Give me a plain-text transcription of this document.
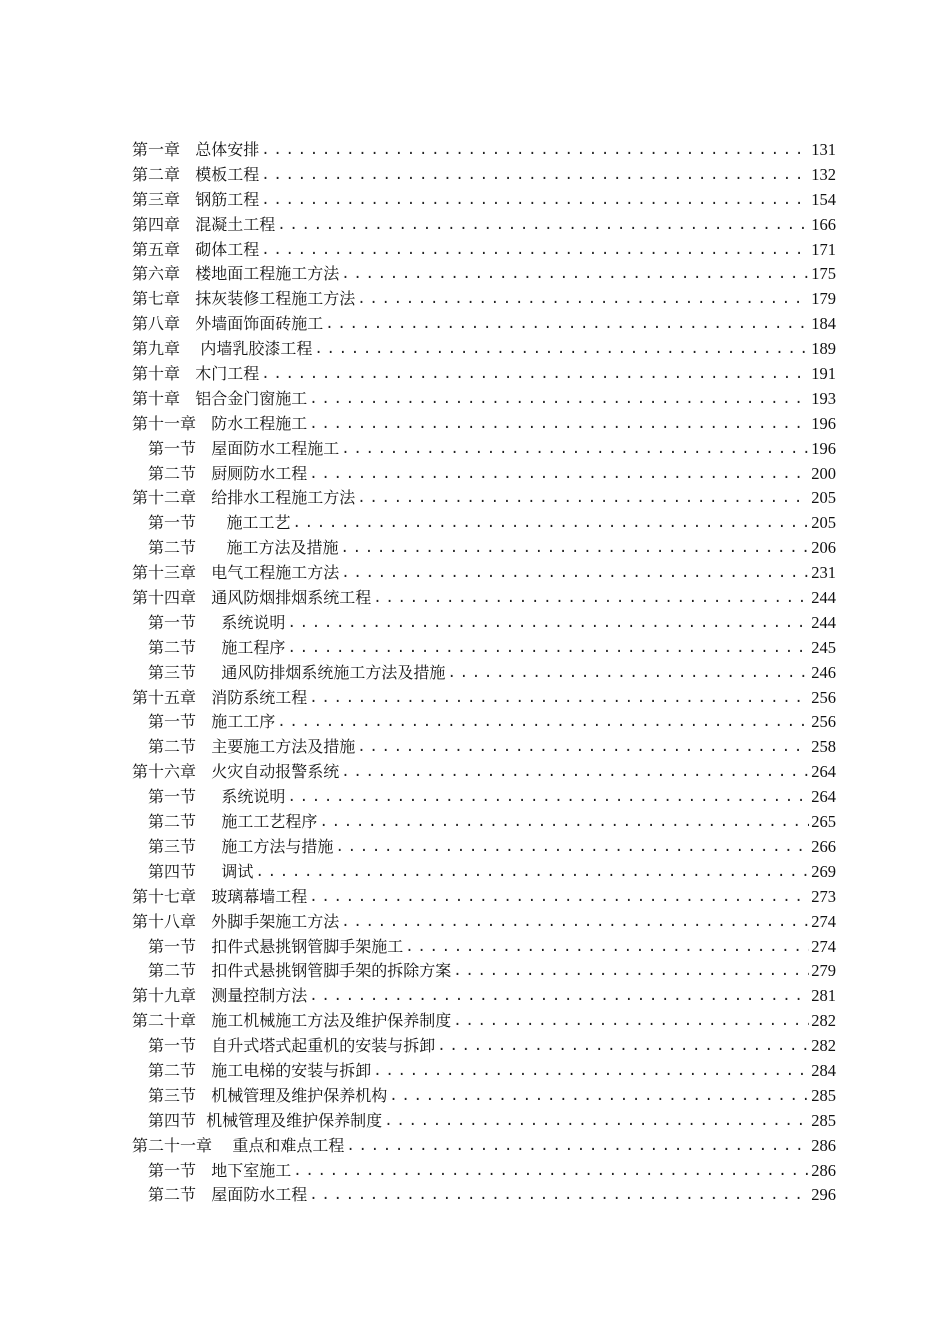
第一章   总体安排 .....	131
第二章   模板工程 .....	132
第三章   钢筋工程 .....	154
第四章   混凝土工程 .....	166
第五章   砌体工程 .....	171
第六章   楼地面工程施工方法 .....	175
第七章   抹灰装修工程施工方法 .....	179
第八章   外墙面饰面砖施工 .....	184
第九章    内墙乳胶漆工程 .....	189
第十章   木门工程 .....	191
第十章   铝合金门窗施工 .....	193
第十一章   防水工程施工 .....	196
第一节   屋面防水工程施工 .....	196
第二节   厨厕防水工程 .....	200
第十二章   给排水工程施工方法 .....	205
第一节      施工工艺 .....	205
第二节      施工方法及措施 .....	206
第十三章   电气工程施工方法 .....	231
第十四章   通风防烟排烟系统工程 .....	244
第一节     系统说明 .....	244
第二节     施工程序 .....	245
第三节     通风防排烟系统施工方法及措施 .....	246
第十五章   消防系统工程 .....	256
第一节   施工工序 .....	256
第二节   主要施工方法及措施 .....	258
第十六章   火灾自动报警系统 .....	264
第一节     系统说明 .....	264
第二节     施工工艺程序 .....	265
第三节     施工方法与措施 .....	266
第四节     调试 .....	269
第十七章   玻璃幕墙工程 .....	273
第十八章   外脚手架施工方法 .....	274
第一节   扣件式悬挑钢管脚手架施工 .....	274
第二节   扣件式悬挑钢管脚手架的拆除方案 .....	279
第十九章   测量控制方法 .....	281
第二十章   施工机械施工方法及维护保养制度 .....	282
第一节   自升式塔式起重机的安装与拆卸 .....	282
第二节   施工电梯的安装与拆卸 .....	284
第三节   机械管理及维护保养机构 .....	285
第四节  机械管理及维护保养制度 .....	285
第二十一章    重点和难点工程 .....	286
第一节   地下室施工 .....	286
第二节   屋面防水工程 .....	296
